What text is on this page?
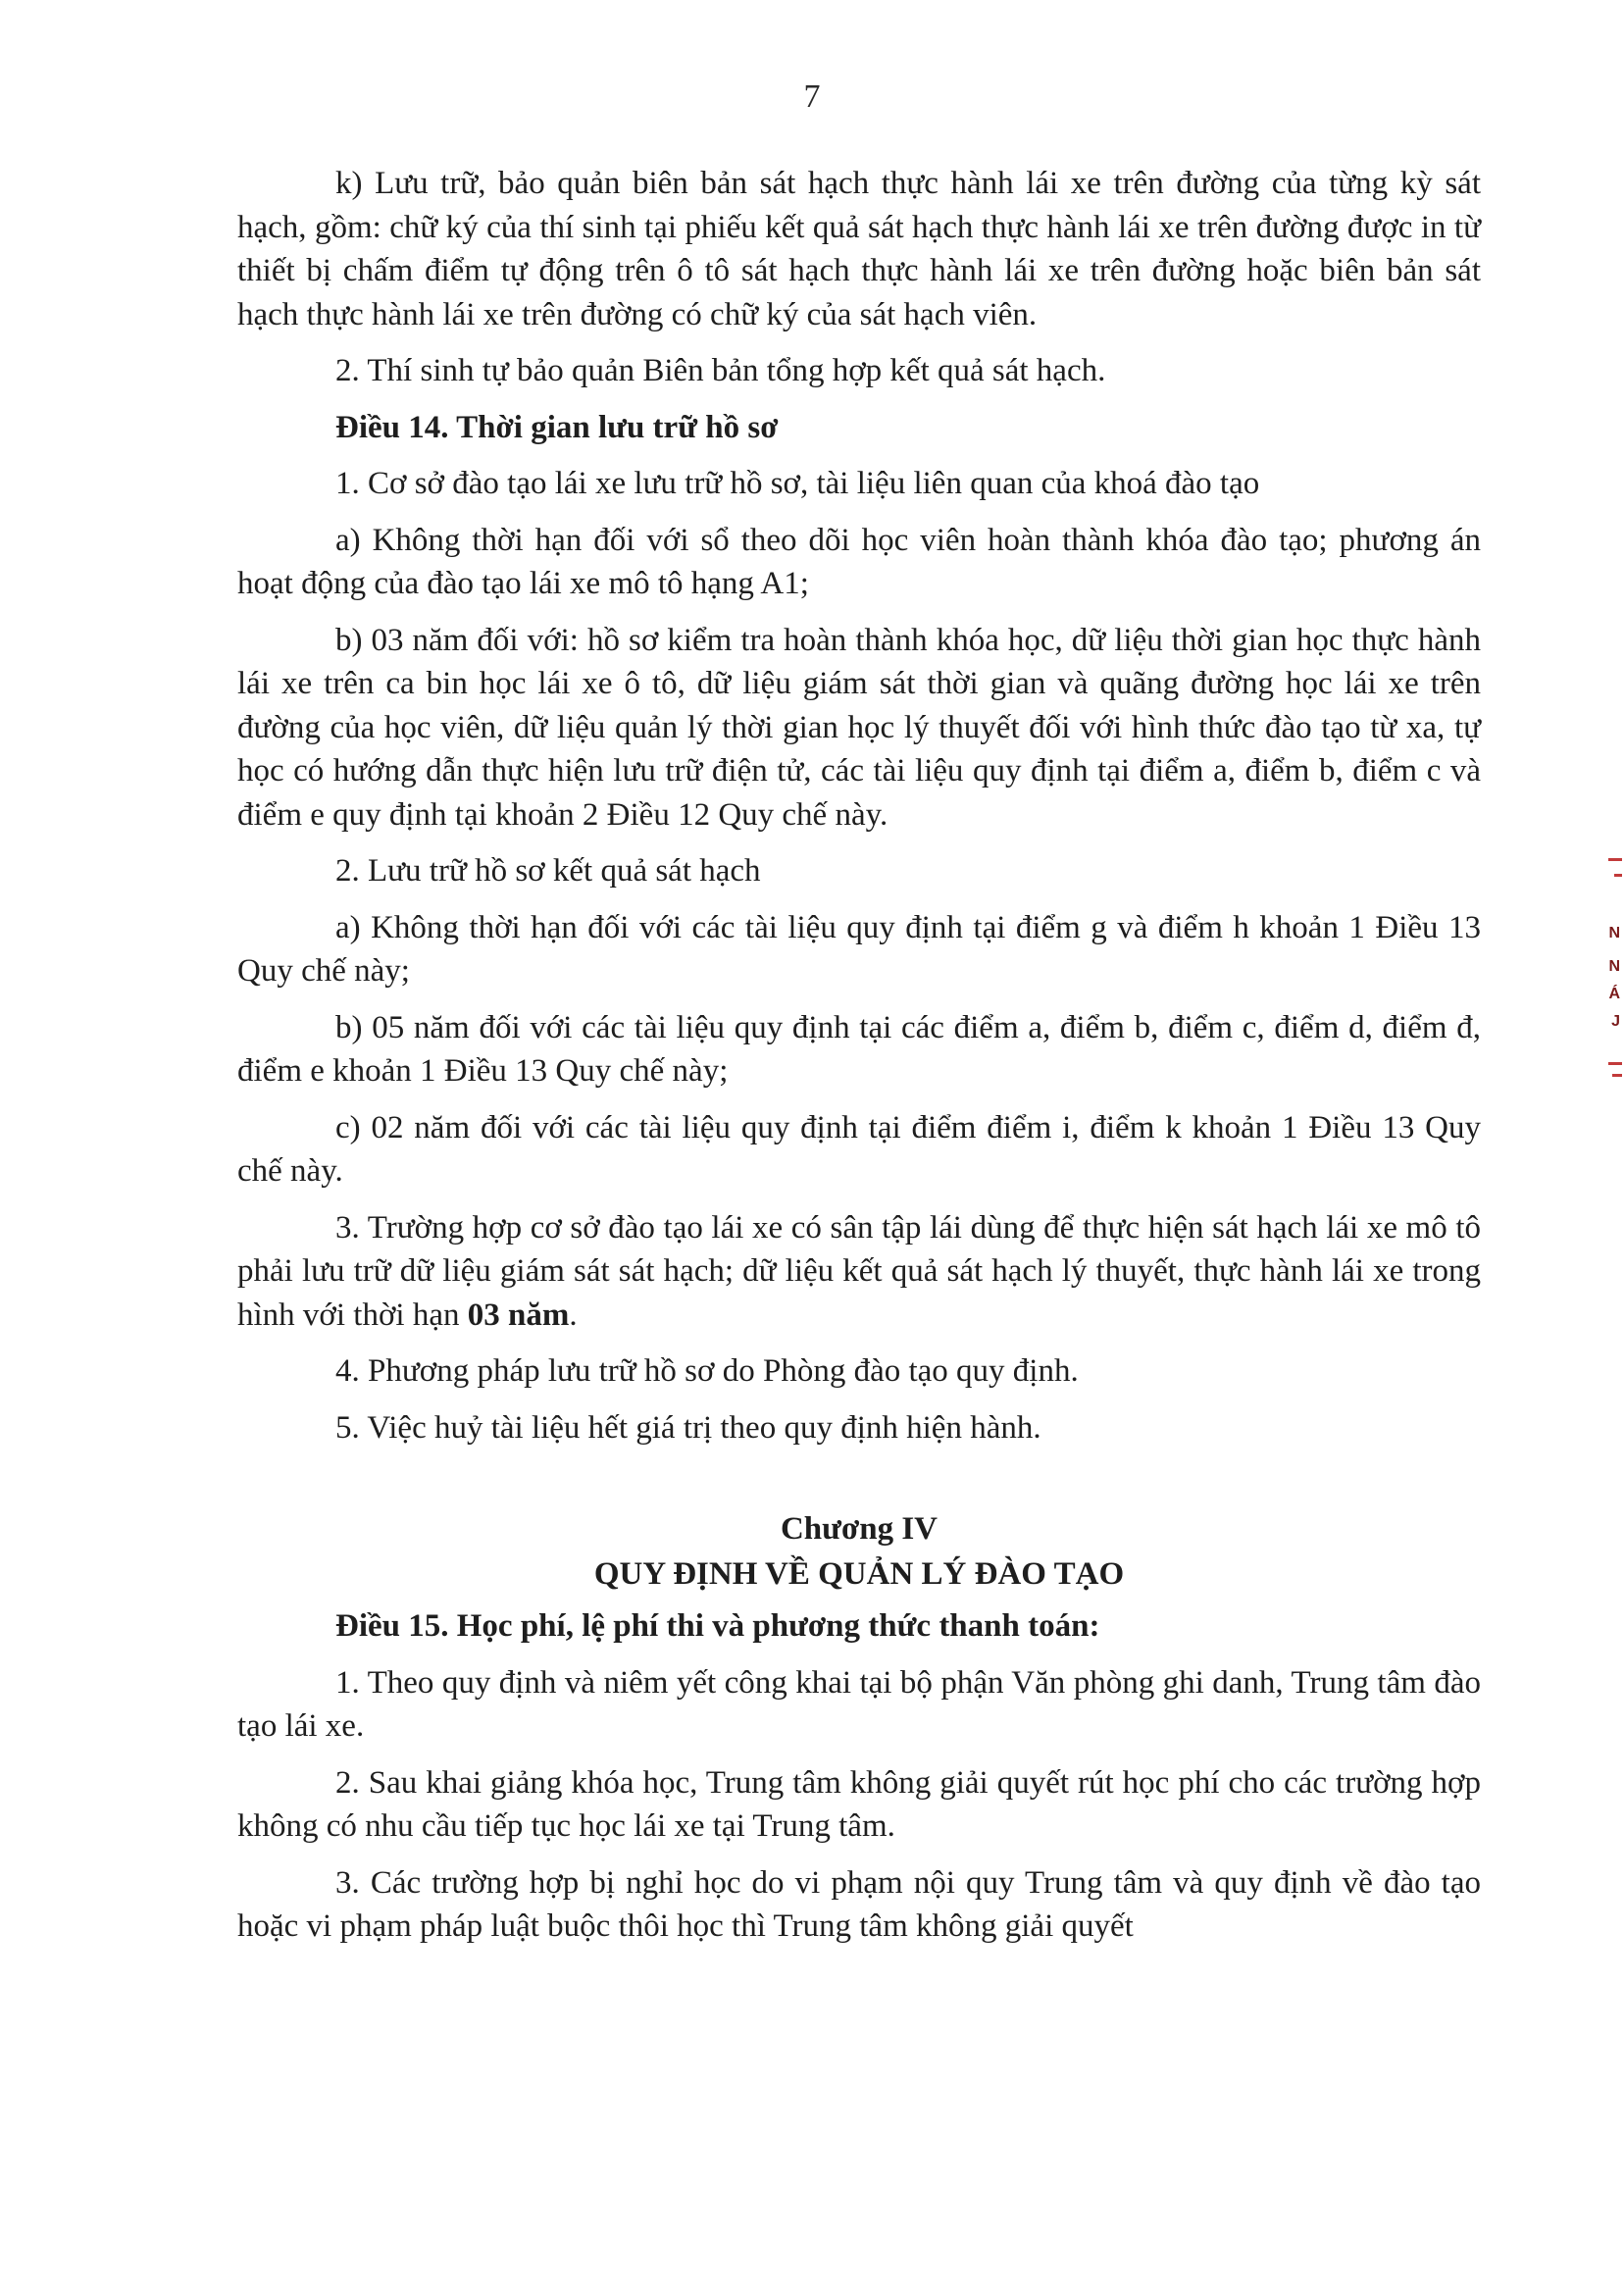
7

k) Lưu trữ, bảo quản biên bản sát hạch thực hành lái xe trên đường của từng kỳ sát hạch, gồm: chữ ký của thí sinh tại phiếu kết quả sát hạch thực hành lái xe trên đường được in từ thiết bị chấm điểm tự động trên ô tô sát hạch thực hành lái xe trên đường hoặc biên bản sát hạch thực hành lái xe trên đường có chữ ký của sát hạch viên.

2. Thí sinh tự bảo quản Biên bản tổng hợp kết quả sát hạch.

Điều 14. Thời gian lưu trữ hồ sơ

1. Cơ sở đào tạo lái xe lưu trữ hồ sơ, tài liệu liên quan của khoá đào tạo

a) Không thời hạn đối với sổ theo dõi học viên hoàn thành khóa đào tạo; phương án hoạt động của đào tạo lái xe mô tô hạng A1;

b) 03 năm đối với: hồ sơ kiểm tra hoàn thành khóa học, dữ liệu thời gian học thực hành lái xe trên ca bin học lái xe ô tô, dữ liệu giám sát thời gian và quãng đường học lái xe trên đường của học viên, dữ liệu quản lý thời gian học lý thuyết đối với hình thức đào tạo từ xa, tự học có hướng dẫn thực hiện lưu trữ điện tử, các tài liệu quy định tại điểm a, điểm b, điểm c và điểm e quy định tại khoản 2 Điều 12 Quy chế này.

2. Lưu trữ hồ sơ kết quả sát hạch

a) Không thời hạn đối với các tài liệu quy định tại điểm g và điểm h khoản 1 Điều 13 Quy chế này;

b) 05 năm đối với các tài liệu quy định tại các điểm a, điểm b, điểm c, điểm d, điểm đ, điểm e khoản 1 Điều 13 Quy chế này;

c) 02 năm đối với các tài liệu quy định tại điểm điểm i, điểm k khoản 1 Điều 13 Quy chế này.

3. Trường hợp cơ sở đào tạo lái xe có sân tập lái dùng để thực hiện sát hạch lái xe mô tô phải lưu trữ dữ liệu giám sát sát hạch; dữ liệu kết quả sát hạch lý thuyết, thực hành lái xe trong hình với thời hạn 03 năm.

4. Phương pháp lưu trữ hồ sơ do Phòng đào tạo quy định.

5. Việc huỷ tài liệu hết giá trị theo quy định hiện hành.

Chương IV
QUY ĐỊNH VỀ QUẢN LÝ ĐÀO TẠO

Điều 15. Học phí, lệ phí thi và phương thức thanh toán:

1. Theo quy định và niêm yết công khai tại bộ phận Văn phòng ghi danh, Trung tâm đào tạo lái xe.

2. Sau khai giảng khóa học, Trung tâm không giải quyết rút học phí cho các trường hợp không có nhu cầu tiếp tục học lái xe tại Trung tâm.

3. Các trường hợp bị nghỉ học do vi phạm nội quy Trung tâm và quy định về đào tạo hoặc vi phạm pháp luật buộc thôi học thì Trung tâm không giải quyết

N
N
Á
J
